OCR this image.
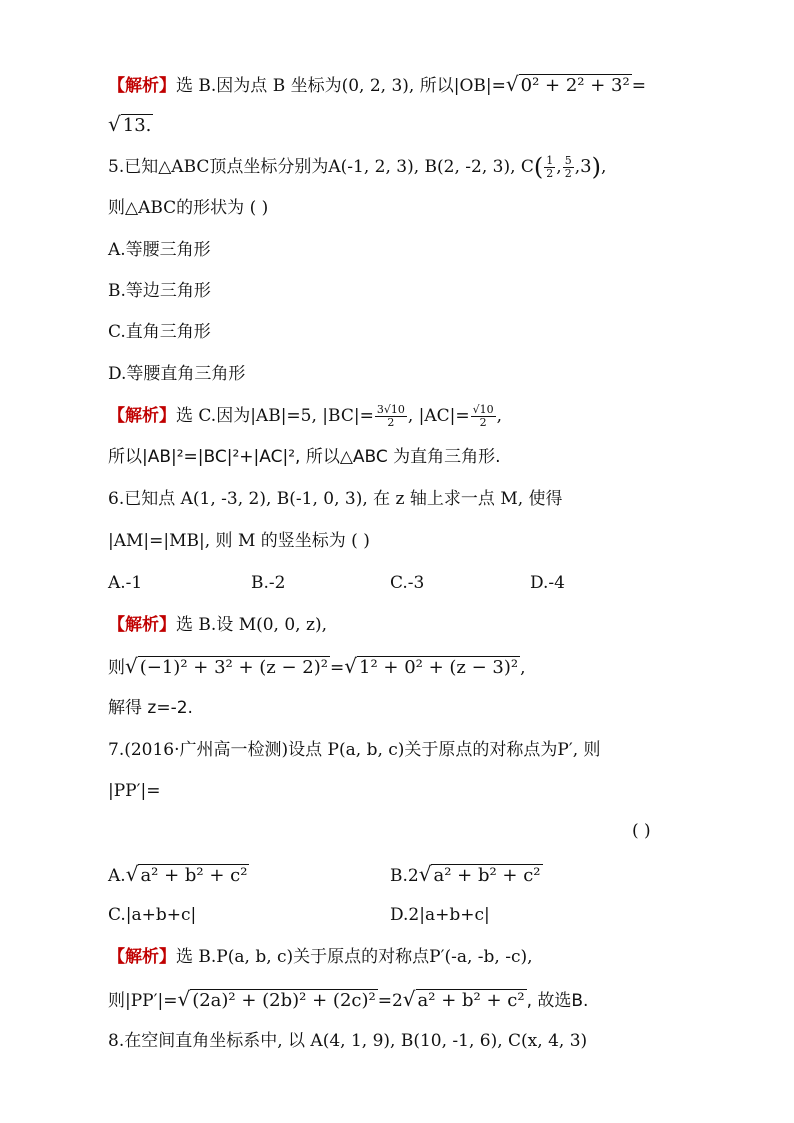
【解析】选 B.因为点 B 坐标为(0, 2, 3), 所以|OB|=√ 0² + 2² + 3² =
√ 13.
5.已知△ABC顶点坐标分别为A(-1, 2, 3), B(2, -2, 3), $C( \frac{1}{2}$ , $\frac{5}{2} ,3$),
则△ABC的形状为 ( )
A.等腰三角形
B.等边三角形
C.直角三角形
D.等腰直角三角形
【解析】选 C.因为|AB|=5, $|BC|= \frac{3√10}{2}$ , $|AC|= \frac{√10}{2}$ ,
所以|AB|²=|BC|²+|AC|², 所以△ABC 为直角三角形.
6.已知点 A(1, -3, 2), B(-1, 0, 3), 在 z 轴上求一点 M, 使得
|AM|=|MB|, 则 M 的竖坐标为 ( )
A.-1	B.-2	C.-3	D.-4
【解析】选 B.设 M(0, 0, z),
则√ (−1)² + 3² + (z − 2)² =√ 1² + 0² + (z − 3)² ,
解得 z=-2.
7.(2016·广州高一检测)设点 P(a, b, c)关于原点的对称点为P′, 则
|PP′|=
( )
A.√ a² + b² + c²	B.2√ a² + b² + c²
C.|a+b+c|	D.2|a+b+c|
【解析】选 B.P(a, b, c)关于原点的对称点P′(-a, -b, -c),
则|PP′|=√ (2a)² + (2b)² + (2c)² =2√ a² + b² + c² , 故选B.
8.在空间直角坐标系中, 以 A(4, 1, 9), B(10, -1, 6), C(x, 4, 3)
